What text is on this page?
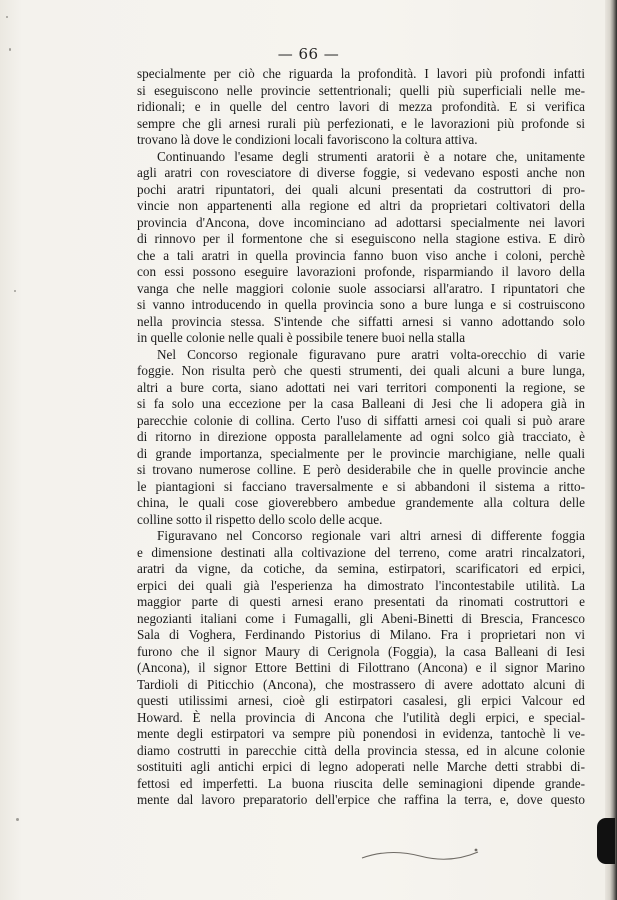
— 66 —
specialmente per ciò che riguarda la profondità. I lavori più profondi infatti
si eseguiscono nelle provincie settentrionali; quelli più superficiali nelle me-
ridionali; e in quelle del centro lavori di mezza profondità. E si verifica
sempre che gli arnesi rurali più perfezionati, e le lavorazioni più profonde si
trovano là dove le condizioni locali favoriscono la coltura attiva.
Continuando l'esame degli strumenti aratorii è a notare che, unitamente
agli aratri con rovesciatore di diverse foggie, si vedevano esposti anche non
pochi aratri ripuntatori, dei quali alcuni presentati da costruttori di pro-
vincie non appartenenti alla regione ed altri da proprietari coltivatori della
provincia d'Ancona, dove incominciano ad adottarsi specialmente nei lavori
di rinnovo per il formentone che si eseguiscono nella stagione estiva. E dirò
che a tali aratri in quella provincia fanno buon viso anche i coloni, perchè
con essi possono eseguire lavorazioni profonde, risparmiando il lavoro della
vanga che nelle maggiori colonie suole associarsi all'aratro. I ripuntatori che
si vanno introducendo in quella provincia sono a bure lunga e si costruiscono
nella provincia stessa. S'intende che siffatti arnesi si vanno adottando solo
in quelle colonie nelle quali è possibile tenere buoi nella stalla
Nel Concorso regionale figuravano pure aratri volta-orecchio di varie
foggie. Non risulta però che questi strumenti, dei quali alcuni a bure lunga,
altri a bure corta, siano adottati nei vari territori componenti la regione, se
si fa solo una eccezione per la casa Balleani di Jesi che li adopera già in
parecchie colonie di collina. Certo l'uso di siffatti arnesi coi quali si può arare
di ritorno in direzione opposta parallelamente ad ogni solco già tracciato, è
di grande importanza, specialmente per le provincie marchigiane, nelle quali
si trovano numerose colline. E però desiderabile che in quelle provincie anche
le piantagioni si facciano traversalmente e si abbandoni il sistema a ritto-
china, le quali cose gioverebbero ambedue grandemente alla coltura delle
colline sotto il rispetto dello scolo delle acque.
Figuravano nel Concorso regionale vari altri arnesi di differente foggia
e dimensione destinati alla coltivazione del terreno, come aratri rincalzatori,
aratri da vigne, da cotiche, da semina, estirpatori, scarificatori ed erpici,
erpici dei quali già l'esperienza ha dimostrato l'incontestabile utilità. La
maggior parte di questi arnesi erano presentati da rinomati costruttori e
negozianti italiani come i Fumagalli, gli Abeni-Binetti di Brescia, Francesco
Sala di Voghera, Ferdinando Pistorius di Milano. Fra i proprietari non vi
furono che il signor Maury di Cerignola (Foggia), la casa Balleani di Iesi
(Ancona), il signor Ettore Bettini di Filottrano (Ancona) e il signor Marino
Tardioli di Piticchio (Ancona), che mostrassero di avere adottato alcuni di
questi utilissimi arnesi, cioè gli estirpatori casalesi, gli erpici Valcour ed
Howard. È nella provincia di Ancona che l'utilità degli erpici, e special-
mente degli estirpatori va sempre più ponendosi in evidenza, tantochè li ve-
diamo costrutti in parecchie città della provincia stessa, ed in alcune colonie
sostituiti agli antichi erpici di legno adoperati nelle Marche detti strabbi di-
fettosi ed imperfetti. La buona riuscita delle seminagioni dipende grande-
mente dal lavoro preparatorio dell'erpice che raffina la terra, e, dove questo
